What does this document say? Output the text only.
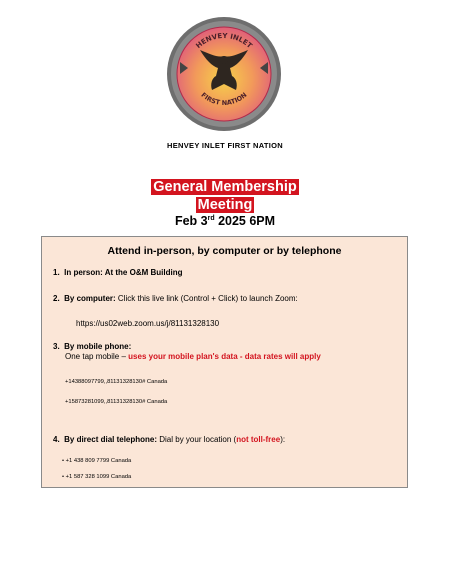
HENVEY INLET
FIRST NATION
HENVEY INLET FIRST NATION
General Membership
Meeting
Feb 3rd 2025 6PM
Attend in-person, by computer or by telephone
1. In person: At the O&M Building
2. By computer: Click this live link (Control + Click) to launch Zoom:
https://us02web.zoom.us/j/81131328130
3. By mobile phone:
One tap mobile – uses your mobile plan's data - data rates will apply
+14388097799,,81131328130# Canada
+15873281099,,81131328130# Canada
4. By direct dial telephone: Dial by your location (not toll-free):
• +1 438 809 7799 Canada
• +1 587 328 1099 Canada
